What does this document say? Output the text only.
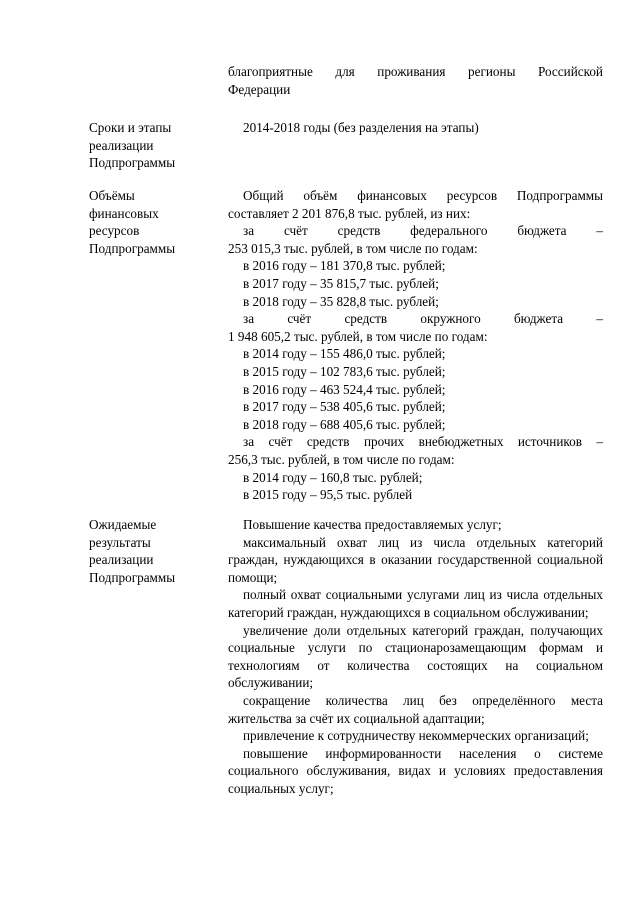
благоприятные для проживания регионы Российской

Федерации

Сроки и этапы
реализации
Подпрограммы

2014-2018 годы (без разделения на этапы)

Объёмы
финансовых
ресурсов
Подпрограммы

Общий объём финансовых ресурсов Подпрограммы

составляет 2 201 876,8 тыс. рублей, из них:

за счёт средств федерального бюджета –

253 015,3 тыс. рублей, в том числе по годам:

в 2016 году – 181 370,8 тыс. рублей;

в 2017 году – 35 815,7 тыс. рублей;

в 2018 году – 35 828,8 тыс. рублей;

за счёт средств окружного бюджета –

1 948 605,2 тыс. рублей, в том числе по годам:

в 2014 году – 155 486,0 тыс. рублей;

в 2015 году – 102 783,6 тыс. рублей;

в 2016 году – 463 524,4 тыс. рублей;

в 2017 году – 538 405,6 тыс. рублей;

в 2018 году – 688 405,6 тыс. рублей;

за счёт средств прочих внебюджетных источников –

256,3 тыс. рублей, в том числе по годам:

в 2014 году – 160,8 тыс. рублей;

в 2015 году – 95,5 тыс. рублей

Ожидаемые
результаты
реализации
Подпрограммы

Повышение качества предоставляемых услуг;

максимальный охват лиц из числа отдельных категорий граждан, нуждающихся в оказании государственной социальной помощи;

полный охват социальными услугами лиц из числа отдельных категорий граждан, нуждающихся в социальном обслуживании;

увеличение доли отдельных категорий граждан, получающих социальные услуги по стационарозамещающим формам и технологиям от количества состоящих на социальном обслуживании;

сокращение количества лиц без определённого места жительства за счёт их социальной адаптации;

привлечение к сотрудничеству некоммерческих организаций;

повышение информированности населения о системе социального обслуживания, видах и условиях предоставления социальных услуг;
